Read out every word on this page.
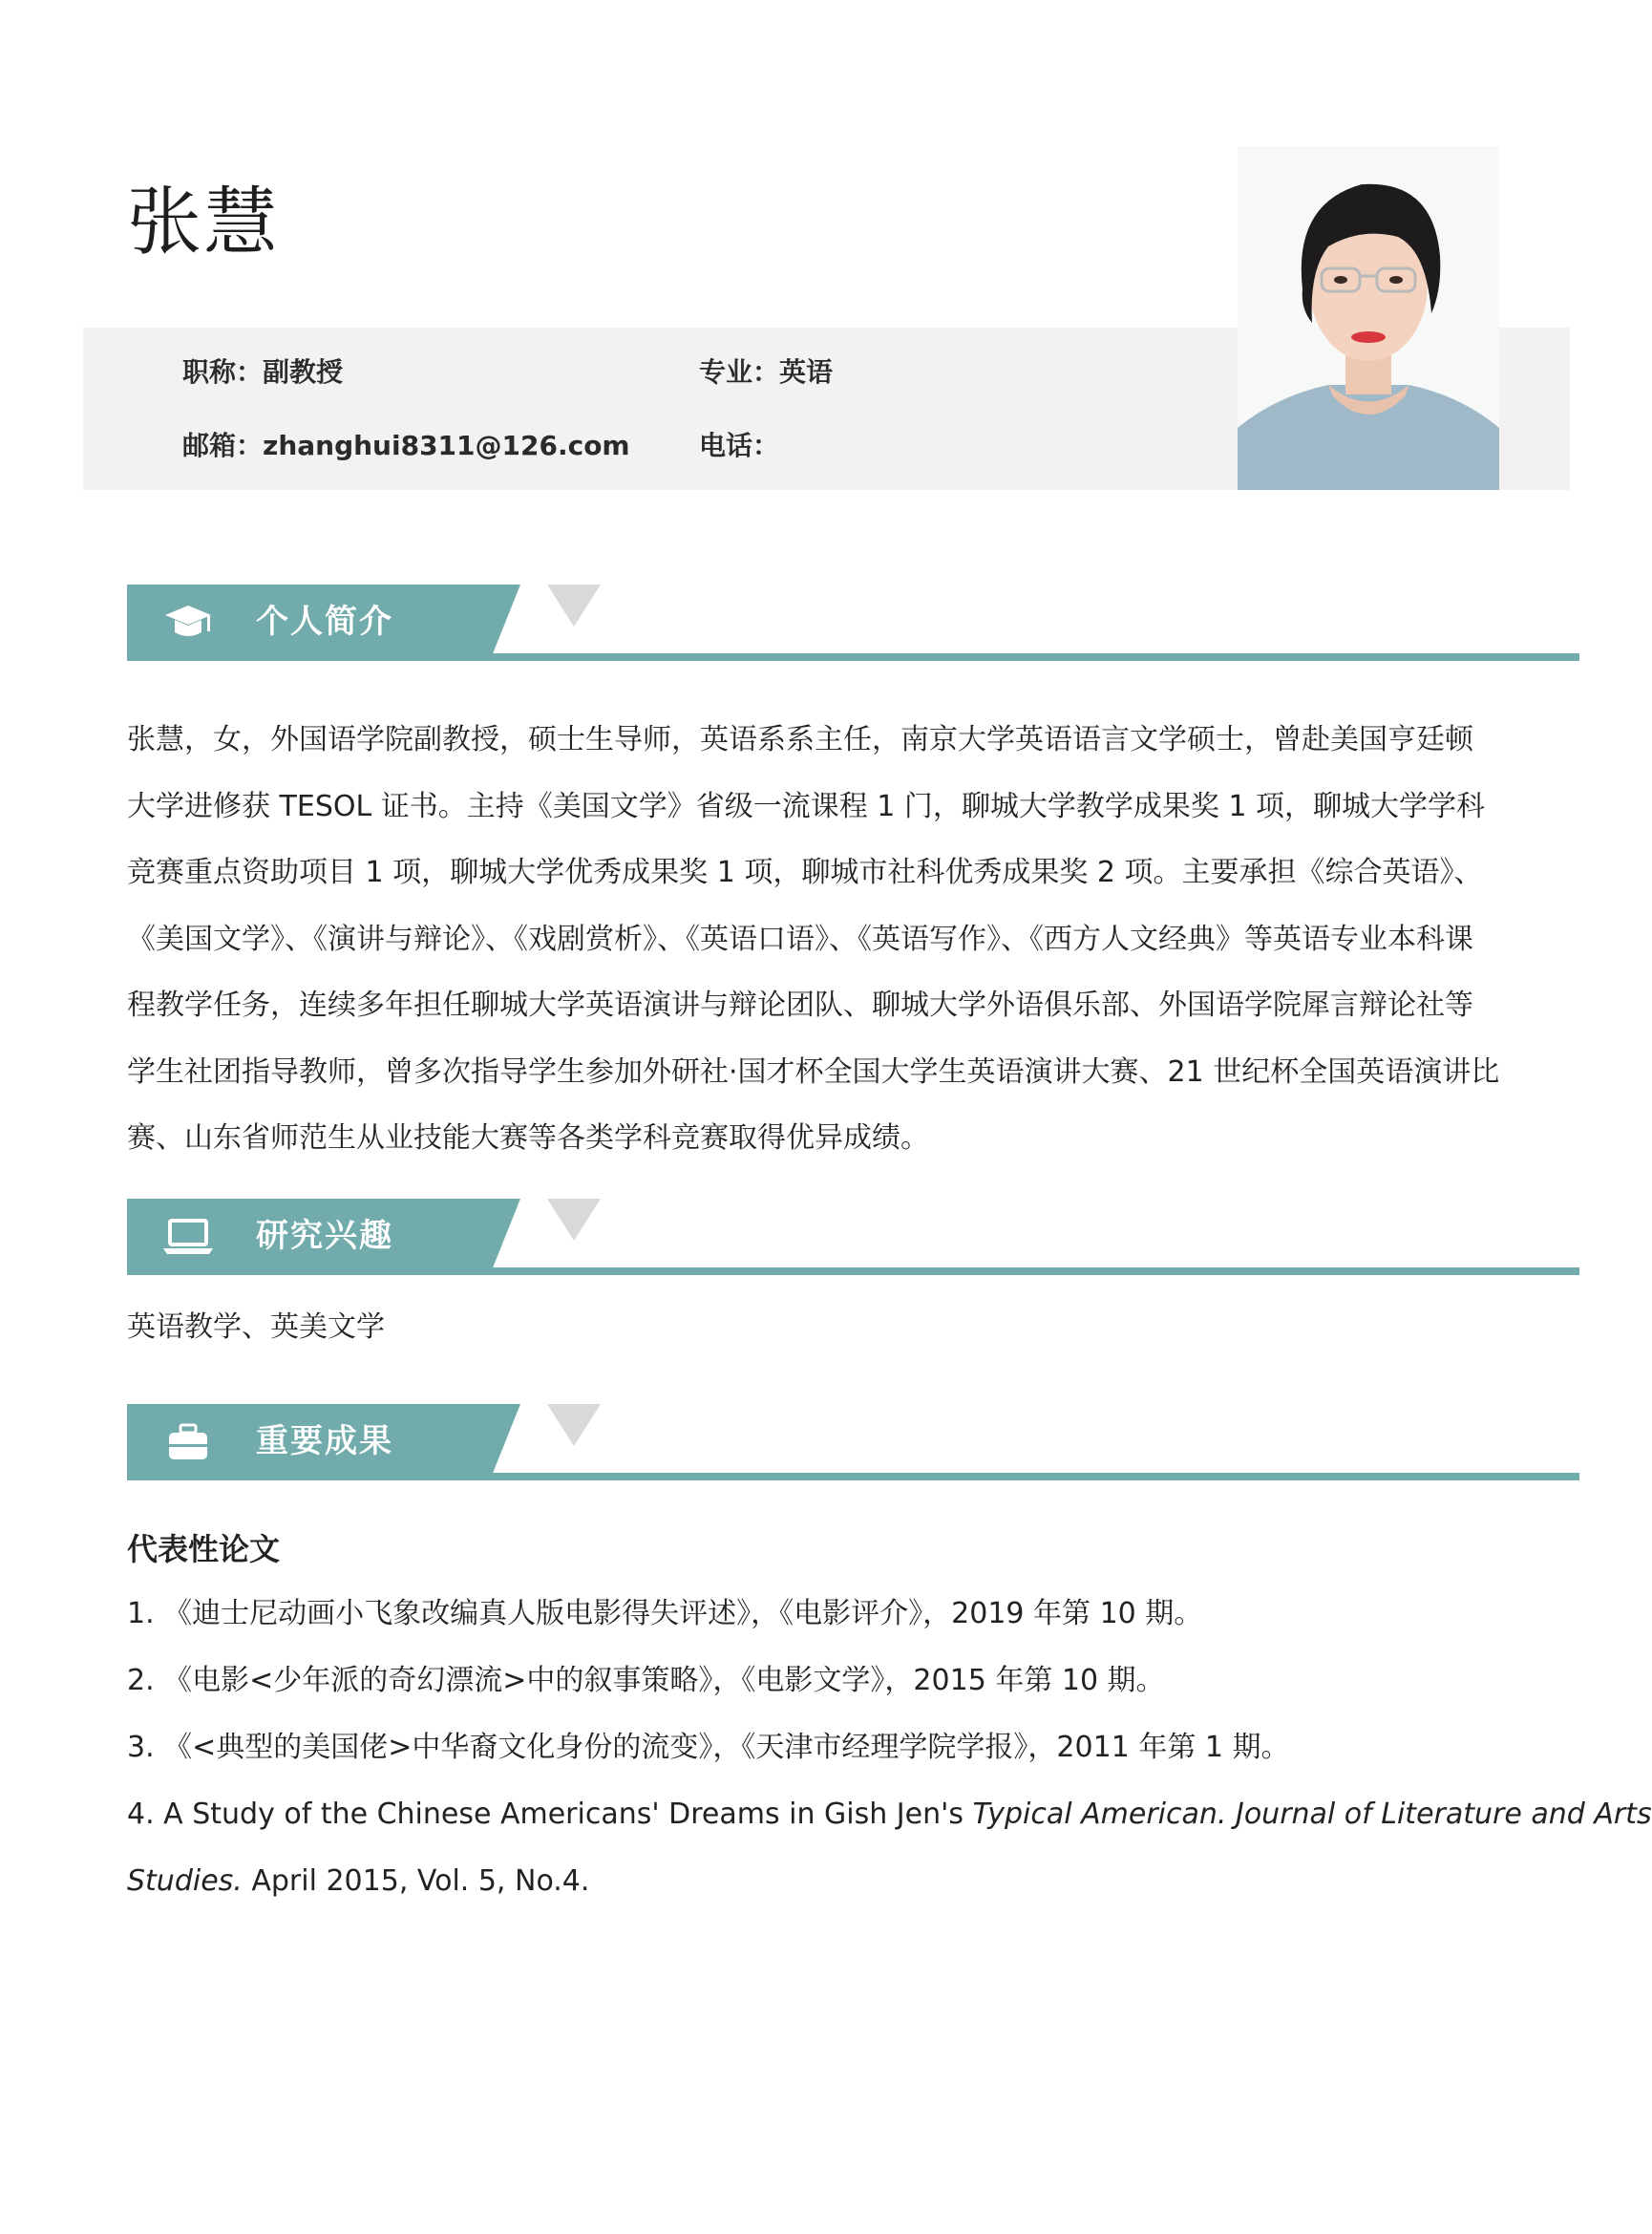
张慧
职称：副教授	专业：英语
邮箱：zhanghui8311@126.com	电话：
个人简介
张慧，女，外国语学院副教授，硕士生导师，英语系系主任，南京大学英语语言文学硕士，曾赴美国亨廷顿
大学进修获 TESOL 证书。主持《美国文学》省级一流课程 1 门，聊城大学教学成果奖 1 项，聊城大学学科
竞赛重点资助项目 1 项，聊城大学优秀成果奖 1 项，聊城市社科优秀成果奖 2 项。主要承担《综合英语》、
《美国文学》、《演讲与辩论》、《戏剧赏析》、《英语口语》、《英语写作》、《西方人文经典》等英语专业本科课
程教学任务，连续多年担任聊城大学英语演讲与辩论团队、聊城大学外语俱乐部、外国语学院犀言辩论社等
学生社团指导教师，曾多次指导学生参加外研社·国才杯全国大学生英语演讲大赛、21 世纪杯全国英语演讲比
赛、山东省师范生从业技能大赛等各类学科竞赛取得优异成绩。
研究兴趣
英语教学、英美文学
重要成果
代表性论文
1. 《迪士尼动画小飞象改编真人版电影得失评述》，《电影评介》，2019 年第 10 期。
2. 《电影<少年派的奇幻漂流>中的叙事策略》，《电影文学》，2015 年第 10 期。
3. 《<典型的美国佬>中华裔文化身份的流变》，《天津市经理学院学报》，2011 年第 1 期。
4. A Study of the Chinese Americans' Dreams in Gish Jen's Typical American. Journal of Literature and Arts
Studies. April 2015, Vol. 5, No.4.
